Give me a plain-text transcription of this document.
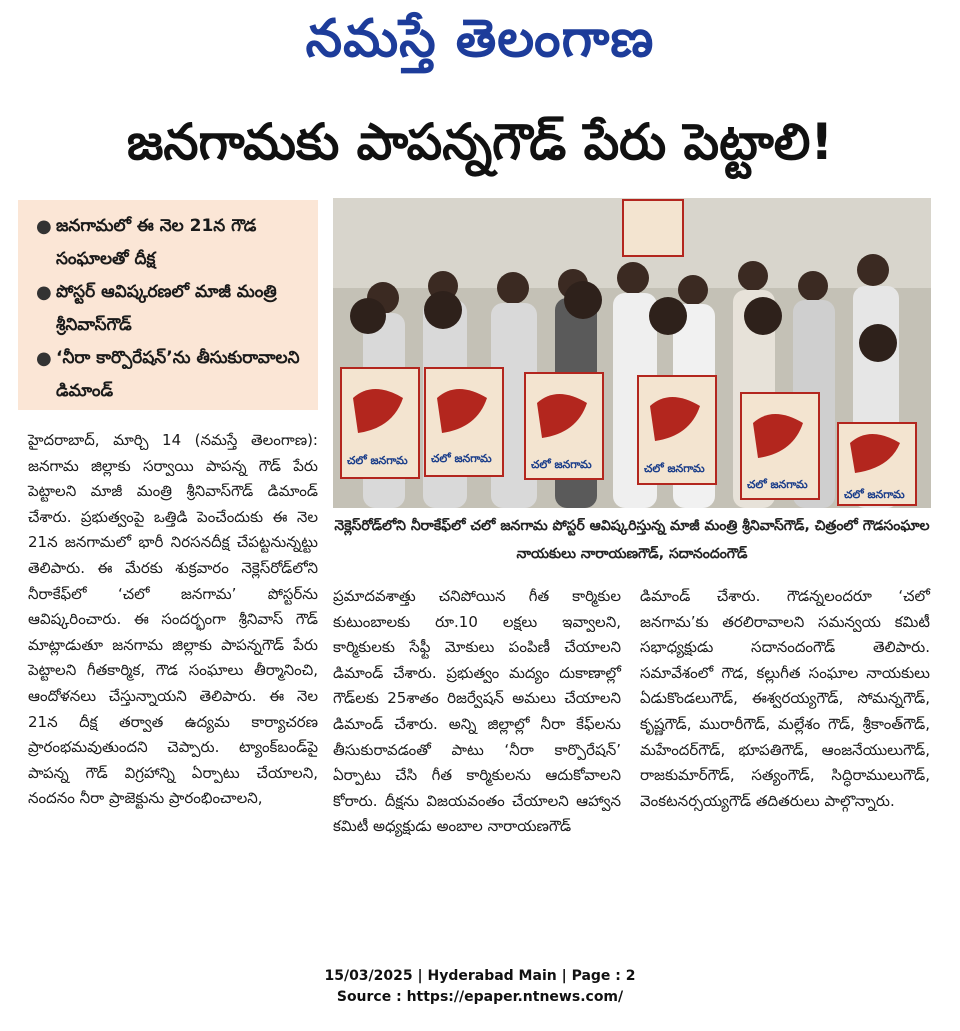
నమస్తే తెలంగాణ
జనగామకు పాపన్నగౌడ్ పేరు పెట్టాలి!
● జనగామలో ఈ నెల 21న గౌడ సంఘాలతో దీక్ష
● పోస్టర్ ఆవిష్కరణలో మాజీ మంత్రి శ్రీనివాస్‌గౌడ్
● ‘నీరా కార్పొరేషన్’ను తీసుకురావాలని డిమాండ్
చలో జనగామ చలో జనగామ	చలో జనగామ	చలో జనగామ
చలో జనగామ
చలో జనగామ
నెక్లెస్‌రోడ్‌లోని నీరాకేఫ్‌లో చలో జనగామ పోస్టర్ ఆవిష్కరిస్తున్న మాజీ మంత్రి శ్రీనివాస్‌గౌడ్, చిత్రంలో గౌడసంఘాల నాయకులు నారాయణగౌడ్, సదానందంగౌడ్
హైదరాబాద్, మార్చి 14 (నమస్తే తెలంగాణ): జనగామ జిల్లాకు సర్వాయి పాపన్న గౌడ్ పేరు పెట్టాలని మాజీ మంత్రి శ్రీనివాస్‌గౌడ్ డిమాండ్ చేశారు. ప్రభుత్వంపై ఒత్తిడి పెంచేందుకు ఈ నెల 21న జనగామలో భారీ నిరసనదీక్ష చేపట్టనున్నట్టు తెలిపారు. ఈ మేరకు శుక్రవారం నెక్లెస్‌రోడ్‌లోని నీరాకేఫ్‌లో ‘చలో జనగామ’ పోస్టర్‌ను ఆవిష్కరించారు. ఈ సందర్భంగా శ్రీనివాస్ గౌడ్ మాట్లాడుతూ జనగామ జిల్లాకు పాపన్నగౌడ్ పేరు పెట్టాలని గీతకార్మిక, గౌడ సంఘాలు తీర్మానించి, ఆందోళనలు చేస్తున్నాయని తెలిపారు. ఈ నెల 21న దీక్ష తర్వాత ఉద్యమ కార్యాచరణ ప్రారంభమవుతుందని చెప్పారు. ట్యాంక్‌బండ్‌పై పాపన్న గౌడ్ విగ్రహాన్ని ఏర్పాటు చేయాలని, నందనం నీరా ప్రాజెక్టును ప్రారంభించాలని,
ప్రమాదవశాత్తు చనిపోయిన గీత కార్మికుల కుటుంబాలకు రూ.10 లక్షలు ఇవ్వాలని, కార్మికులకు సేఫ్టీ మోకులు పంపిణీ చేయాలని డిమాండ్ చేశారు. ప్రభుత్వం మద్యం దుకాణాల్లో గౌడ్‌లకు 25శాతం రిజర్వేషన్ అమలు చేయాలని డిమాండ్ చేశారు. అన్ని జిల్లాల్లో నీరా కేఫ్‌లను తీసుకురావడంతో పాటు ‘నీరా కార్పొరేషన్’ ఏర్పాటు చేసి గీత కార్మికులను ఆదుకోవాలని కోరారు. దీక్షను విజయవంతం చేయాలని ఆహ్వాన కమిటీ అధ్యక్షుడు అంబాల నారాయణగౌడ్
డిమాండ్ చేశారు. గౌడన్నలందరూ ‘చలో జనగామ’కు తరలిరావాలని సమన్వయ కమిటీ సభాధ్యక్షుడు సదానందంగౌడ్ తెలిపారు. సమావేశంలో గౌడ, కల్లుగీత సంఘాల నాయకులు ఏడుకొండలుగౌడ్, ఈశ్వరయ్యగౌడ్, సోమన్నగౌడ్, కృష్ణగౌడ్, మురారీగౌడ్, మల్లేశం గౌడ్, శ్రీకాంత్‌గౌడ్, మహేందర్‌గౌడ్, భూపతిగౌడ్, ఆంజనేయులుగౌడ్, రాజకుమార్‌గౌడ్, సత్యంగౌడ్, సిద్ధిరాములుగౌడ్, వెంకటనర్సయ్యగౌడ్ తదితరులు పాల్గొన్నారు.
15/03/2025 | Hyderabad Main | Page : 2
Source : https://epaper.ntnews.com/
